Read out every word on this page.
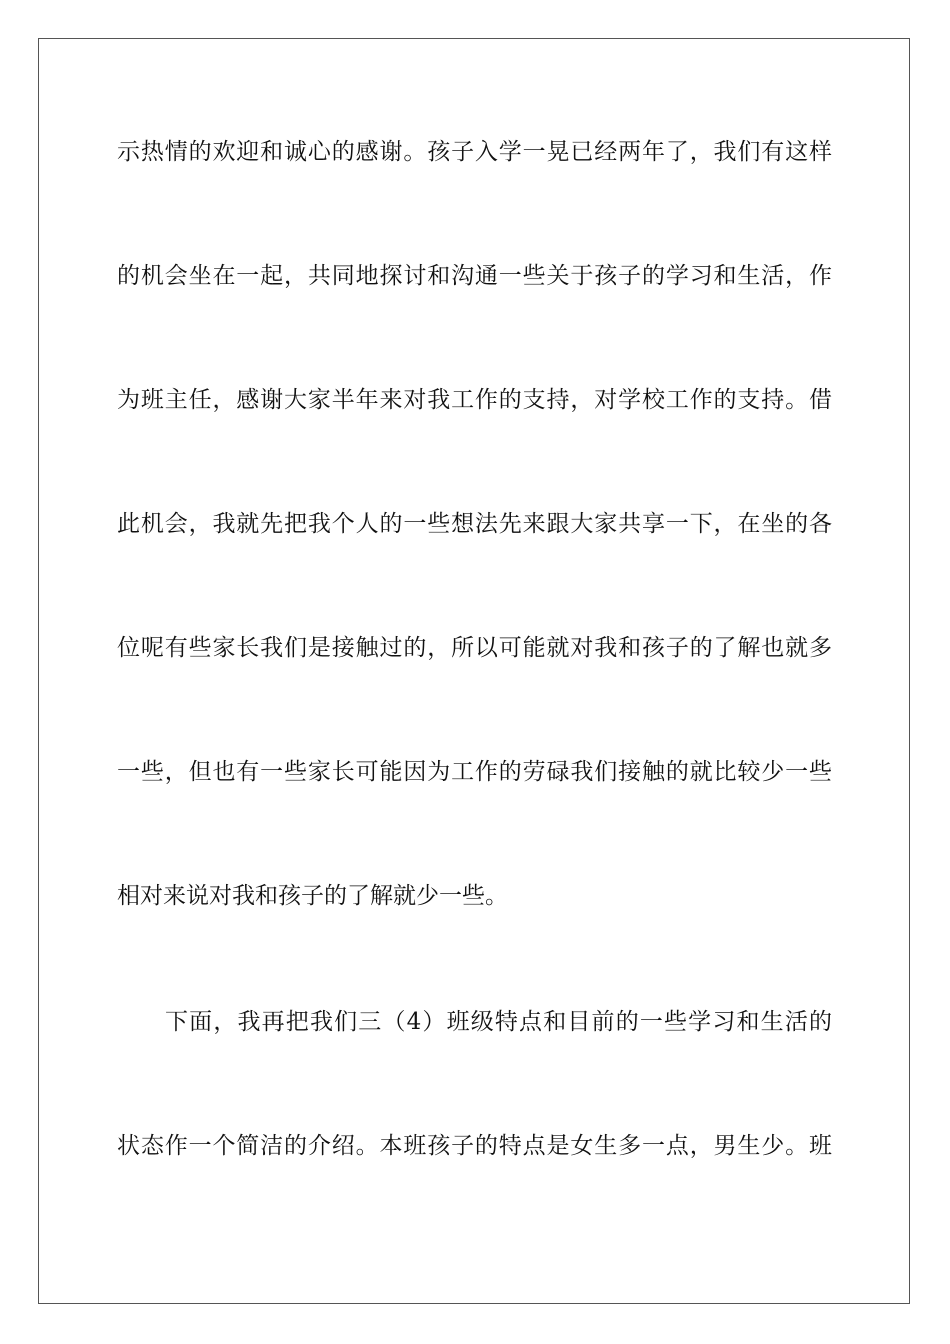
示热情的欢迎和诚心的感谢。孩子入学一晃已经两年了，我们有这样
的机会坐在一起，共同地探讨和沟通一些关于孩子的学习和生活，作
为班主任，感谢大家半年来对我工作的支持，对学校工作的支持。借
此机会，我就先把我个人的一些想法先来跟大家共享一下，在坐的各
位呢有些家长我们是接触过的，所以可能就对我和孩子的了解也就多
一些，但也有一些家长可能因为工作的劳碌我们接触的就比较少一些
相对来说对我和孩子的了解就少一些。
下面，我再把我们三（4）班级特点和目前的一些学习和生活的
状态作一个简洁的介绍。本班孩子的特点是女生多一点，男生少。班
